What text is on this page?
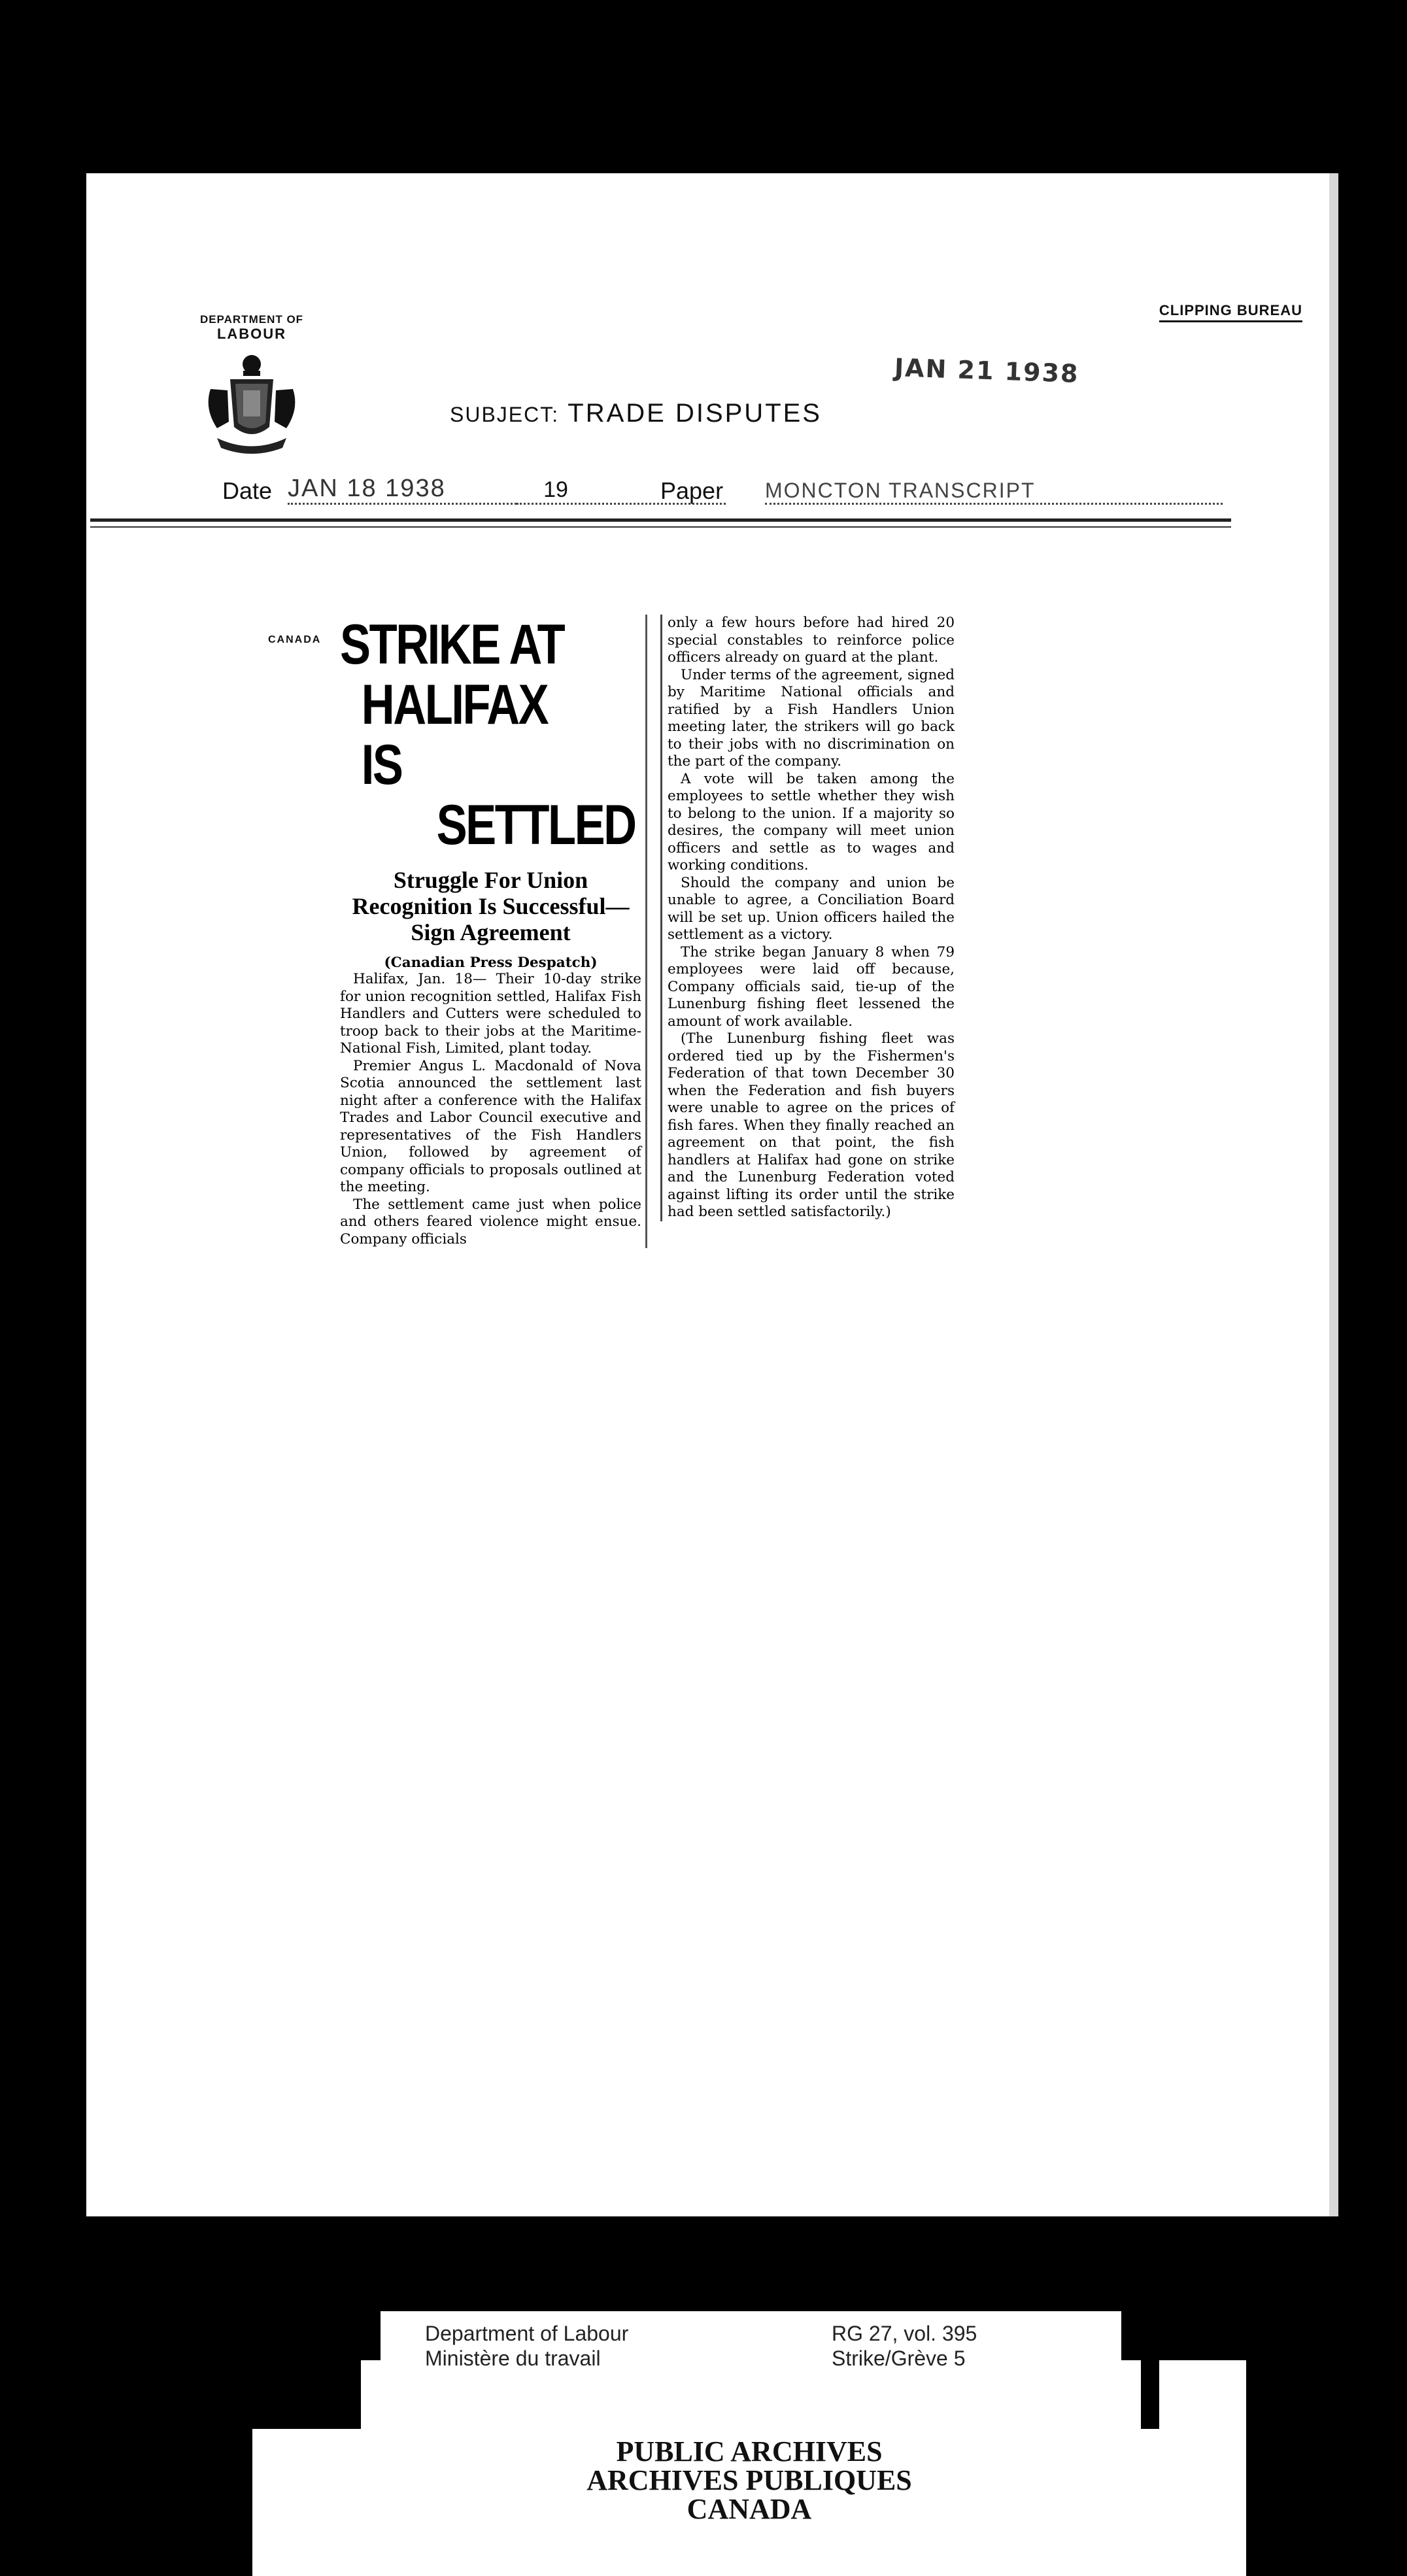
DEPARTMENT OF
LABOUR
CANADA
CLIPPING BUREAU
JAN 21 1938
SUBJECT: TRADE DISPUTES
Date JAN 18 1938	19	Paper MONCTON TRANSCRIPT
STRIKE AT
HALIFAX IS
SETTLED
Struggle For Union Recognition Is Successful— Sign Agreement
(Canadian Press Despatch)

Halifax, Jan. 18— Their 10-day strike for union recognition settled, Halifax Fish Handlers and Cutters were scheduled to troop back to their jobs at the Maritime-National Fish, Limited, plant today.

Premier Angus L. Macdonald of Nova Scotia announced the settlement last night after a conference with the Halifax Trades and Labor Council executive and representatives of the Fish Handlers Union, followed by agreement of company officials to proposals outlined at the meeting.

The settlement came just when police and others feared violence might ensue. Company officials

only a few hours before had hired 20 special constables to reinforce police officers already on guard at the plant.

Under terms of the agreement, signed by Maritime National officials and ratified by a Fish Handlers Union meeting later, the strikers will go back to their jobs with no discrimination on the part of the company.

A vote will be taken among the employees to settle whether they wish to belong to the union. If a majority so desires, the company will meet union officers and settle as to wages and working conditions.

Should the company and union be unable to agree, a Conciliation Board will be set up. Union officers hailed the settlement as a victory.

The strike began January 8 when 79 employees were laid off because, Company officials said, tie-up of the Lunenburg fishing fleet lessened the amount of work available.

(The Lunenburg fishing fleet was ordered tied up by the Fishermen's Federation of that town December 30 when the Federation and fish buyers were unable to agree on the prices of fish fares. When they finally reached an agreement on that point, the fish handlers at Halifax had gone on strike and the Lunenburg Federation voted against lifting its order until the strike had been settled satisfactorily.)

Department of Labour
Ministère du travail
RG 27, vol. 395
Strike/Grève 5
PUBLIC ARCHIVES
ARCHIVES PUBLIQUES
CANADA
